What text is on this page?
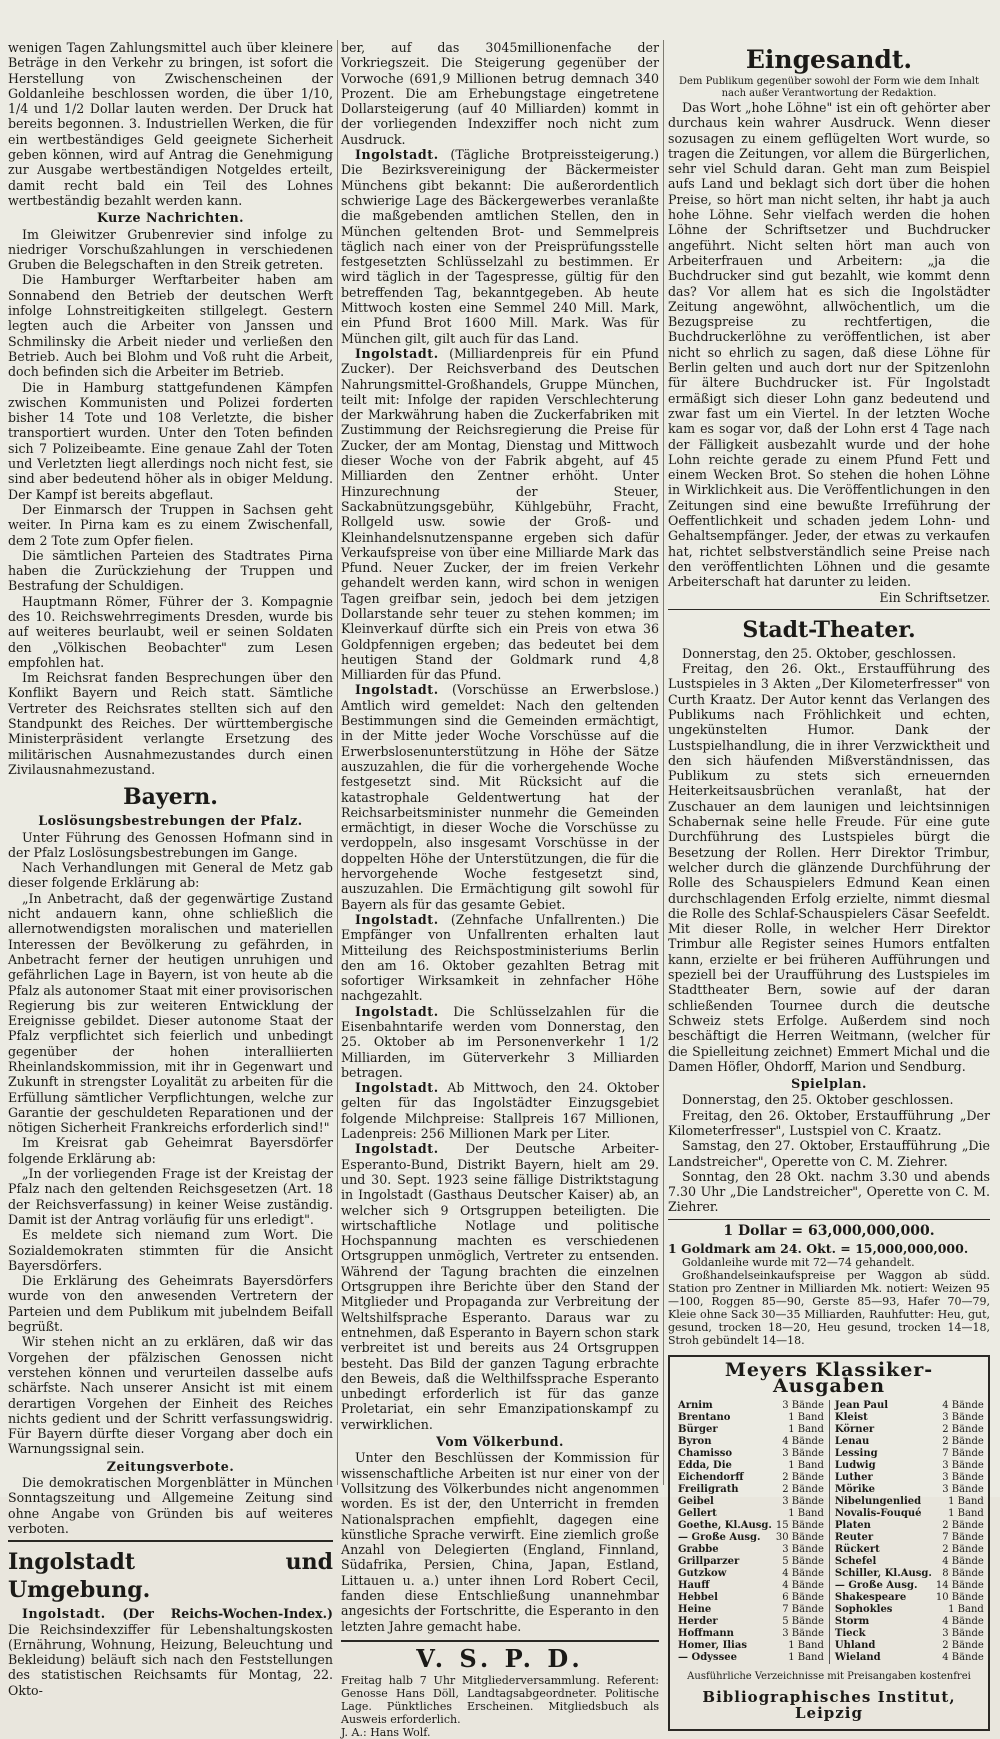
wenigen Tagen Zahlungsmittel auch über kleinere Beträge in den Verkehr zu bringen, ist sofort die Herstellung von Zwischenscheinen der Goldanleihe beschlossen worden, die über 1/10, 1/4 und 1/2 Dollar lauten werden. Der Druck hat bereits begonnen. 3. Industriellen Werken, die für ein wertbeständiges Geld geeignete Sicherheit geben können, wird auf Antrag die Genehmigung zur Ausgabe wertbeständigen Notgeldes erteilt, damit recht bald ein Teil des Lohnes wertbeständig bezahlt werden kann.

Kurze Nachrichten.

Im Gleiwitzer Grubenrevier sind infolge zu niedriger Vorschußzahlungen in verschiedenen Gruben die Belegschaften in den Streik getreten.

Die Hamburger Werftarbeiter haben am Sonnabend den Betrieb der deutschen Werft infolge Lohnstreitigkeiten stillgelegt. Gestern legten auch die Arbeiter von Janssen und Schmilinsky die Arbeit nieder und verließen den Betrieb. Auch bei Blohm und Voß ruht die Arbeit, doch befinden sich die Arbeiter im Betrieb.

Die in Hamburg stattgefundenen Kämpfen zwischen Kommunisten und Polizei forderten bisher 14 Tote und 108 Verletzte, die bisher transportiert wurden. Unter den Toten befinden sich 7 Polizeibeamte. Eine genaue Zahl der Toten und Verletzten liegt allerdings noch nicht fest, sie sind aber bedeutend höher als in obiger Meldung. Der Kampf ist bereits abgeflaut.

Der Einmarsch der Truppen in Sachsen geht weiter. In Pirna kam es zu einem Zwischenfall, dem 2 Tote zum Opfer fielen.

Die sämtlichen Parteien des Stadtrates Pirna haben die Zurückziehung der Truppen und Bestrafung der Schuldigen.

Hauptmann Römer, Führer der 3. Kompagnie des 10. Reichswehrregiments Dresden, wurde bis auf weiteres beurlaubt, weil er seinen Soldaten den „Völkischen Beobachter" zum Lesen empfohlen hat.

Im Reichsrat fanden Besprechungen über den Konflikt Bayern und Reich statt. Sämtliche Vertreter des Reichsrates stellten sich auf den Standpunkt des Reiches. Der württembergische Ministerpräsident verlangte Ersetzung des militärischen Ausnahmezustandes durch einen Zivilausnahmezustand.

Bayern.
Loslösungsbestrebungen der Pfalz.

Unter Führung des Genossen Hofmann sind in der Pfalz Loslösungsbestrebungen im Gange.

Nach Verhandlungen mit General de Metz gab dieser folgende Erklärung ab:

„In Anbetracht, daß der gegenwärtige Zustand nicht andauern kann, ohne schließlich die allernotwendigsten moralischen und materiellen Interessen der Bevölkerung zu gefährden, in Anbetracht ferner der heutigen unruhigen und gefährlichen Lage in Bayern, ist von heute ab die Pfalz als autonomer Staat mit einer provisorischen Regierung bis zur weiteren Entwicklung der Ereignisse gebildet. Dieser autonome Staat der Pfalz verpflichtet sich feierlich und unbedingt gegenüber der hohen interalliierten Rheinlandskommission, mit ihr in Gegenwart und Zukunft in strengster Loyalität zu arbeiten für die Erfüllung sämtlicher Verpflichtungen, welche zur Garantie der geschuldeten Reparationen und der nötigen Sicherheit Frankreichs erforderlich sind!"

Im Kreisrat gab Geheimrat Bayersdörfer folgende Erklärung ab:

„In der vorliegenden Frage ist der Kreistag der Pfalz nach den geltenden Reichsgesetzen (Art. 18 der Reichsverfassung) in keiner Weise zuständig. Damit ist der Antrag vorläufig für uns erledigt".

Es meldete sich niemand zum Wort. Die Sozialdemokraten stimmten für die Ansicht Bayersdörfers.

Die Erklärung des Geheimrats Bayersdörfers wurde von den anwesenden Vertretern der Parteien und dem Publikum mit jubelndem Beifall begrüßt.

Wir stehen nicht an zu erklären, daß wir das Vorgehen der pfälzischen Genossen nicht verstehen können und verurteilen dasselbe aufs schärfste. Nach unserer Ansicht ist mit einem derartigen Vorgehen der Einheit des Reiches nichts gedient und der Schritt verfassungswidrig. Für Bayern dürfte dieser Vorgang aber doch ein Warnungssignal sein.

Zeitungsverbote.

Die demokratischen Morgenblätter in München Sonntagszeitung und Allgemeine Zeitung sind ohne Angabe von Gründen bis auf weiteres verboten.

Ingolstadt und Umgebung.

Ingolstadt. (Der Reichs-Wochen-Index.) Die Reichsindexziffer für Lebenshaltungskosten (Ernährung, Wohnung, Heizung, Beleuchtung und Bekleidung) beläuft sich nach den Feststellungen des statistischen Reichsamts für Montag, 22. Okto-

ber, auf das 3045millionenfache der Vorkriegszeit. Die Steigerung gegenüber der Vorwoche (691,9 Millionen betrug demnach 340 Prozent. Die am Erhebungstage eingetretene Dollarsteigerung (auf 40 Milliarden) kommt in der vorliegenden Indexziffer noch nicht zum Ausdruck.

Ingolstadt. (Tägliche Brotpreissteigerung.) Die Bezirksvereinigung der Bäckermeister Münchens gibt bekannt: Die außerordentlich schwierige Lage des Bäckergewerbes veranlaßte die maßgebenden amtlichen Stellen, den in München geltenden Brot- und Semmelpreis täglich nach einer von der Preisprüfungsstelle festgesetzten Schlüsselzahl zu bestimmen. Er wird täglich in der Tagespresse, gültig für den betreffenden Tag, bekanntgegeben. Ab heute Mittwoch kosten eine Semmel 240 Mill. Mark, ein Pfund Brot 1600 Mill. Mark. Was für München gilt, gilt auch für das Land.

Ingolstadt. (Milliardenpreis für ein Pfund Zucker). Der Reichsverband des Deutschen Nahrungsmittel-Großhandels, Gruppe München, teilt mit: Infolge der rapiden Verschlechterung der Markwährung haben die Zuckerfabriken mit Zustimmung der Reichsregierung die Preise für Zucker, der am Montag, Dienstag und Mittwoch dieser Woche von der Fabrik abgeht, auf 45 Milliarden den Zentner erhöht. Unter Hinzurechnung der Steuer, Sackabnützungsgebühr, Kühlgebühr, Fracht, Rollgeld usw. sowie der Groß- und Kleinhandelsnutzenspanne ergeben sich dafür Verkaufspreise von über eine Milliarde Mark das Pfund. Neuer Zucker, der im freien Verkehr gehandelt werden kann, wird schon in wenigen Tagen greifbar sein, jedoch bei dem jetzigen Dollarstande sehr teuer zu stehen kommen; im Kleinverkauf dürfte sich ein Preis von etwa 36 Goldpfennigen ergeben; das bedeutet bei dem heutigen Stand der Goldmark rund 4,8 Milliarden für das Pfund.

Ingolstadt. (Vorschüsse an Erwerbslose.) Amtlich wird gemeldet: Nach den geltenden Bestimmungen sind die Gemeinden ermächtigt, in der Mitte jeder Woche Vorschüsse auf die Erwerbslosenunterstützung in Höhe der Sätze auszuzahlen, die für die vorhergehende Woche festgesetzt sind. Mit Rücksicht auf die katastrophale Geldentwertung hat der Reichsarbeitsminister nunmehr die Gemeinden ermächtigt, in dieser Woche die Vorschüsse zu verdoppeln, also insgesamt Vorschüsse in der doppelten Höhe der Unterstützungen, die für die hervorgehende Woche festgesetzt sind, auszuzahlen. Die Ermächtigung gilt sowohl für Bayern als für das gesamte Gebiet.

Ingolstadt. (Zehnfache Unfallrenten.) Die Empfänger von Unfallrenten erhalten laut Mitteilung des Reichspostministeriums Berlin den am 16. Oktober gezahlten Betrag mit sofortiger Wirksamkeit in zehnfacher Höhe nachgezahlt.

Ingolstadt. Die Schlüsselzahlen für die Eisenbahntarife werden vom Donnerstag, den 25. Oktober ab im Personenverkehr 1 1/2 Milliarden, im Güterverkehr 3 Milliarden betragen.

Ingolstadt. Ab Mittwoch, den 24. Oktober gelten für das Ingolstädter Einzugsgebiet folgende Milchpreise: Stallpreis 167 Millionen, Ladenpreis: 256 Millionen Mark per Liter.

Ingolstadt. Der Deutsche Arbeiter-Esperanto-Bund, Distrikt Bayern, hielt am 29. und 30. Sept. 1923 seine fällige Distriktstagung in Ingolstadt (Gasthaus Deutscher Kaiser) ab, an welcher sich 9 Ortsgruppen beteiligten. Die wirtschaftliche Notlage und politische Hochspannung machten es verschiedenen Ortsgruppen unmöglich, Vertreter zu entsenden. Während der Tagung brachten die einzelnen Ortsgruppen ihre Berichte über den Stand der Mitglieder und Propaganda zur Verbreitung der Weltshilfsprache Esperanto. Daraus war zu entnehmen, daß Esperanto in Bayern schon stark verbreitet ist und bereits aus 24 Ortsgruppen besteht. Das Bild der ganzen Tagung erbrachte den Beweis, daß die Welthilfssprache Esperanto unbedingt erforderlich ist für das ganze Proletariat, ein sehr Emanzipationskampf zu verwirklichen.

Vom Völkerbund.

Unter den Beschlüssen der Kommission für wissenschaftliche Arbeiten ist nur einer von der Vollsitzung des Völkerbundes nicht angenommen worden. Es ist der, den Unterricht in fremden Nationalsprachen empfiehlt, dagegen eine künstliche Sprache verwirft. Eine ziemlich große Anzahl von Delegierten (England, Finnland, Südafrika, Persien, China, Japan, Estland, Littauen u. a.) unter ihnen Lord Robert Cecil, fanden diese Entschließung unannehmbar angesichts der Fortschritte, die Esperanto in den letzten Jahre gemacht habe.

V. S. P. D.
Freitag halb 7 Uhr Mitgliederversammlung. Referent: Genosse Hans Döll, Landtagsabgeordneter. Politische Lage. Pünktliches Erscheinen. Mitgliedsbuch als Ausweis erforderlich.
J. A.: Hans Wolf.
Eingesandt.
Dem Publikum gegenüber sowohl der Form wie dem Inhalt nach außer Verantwortung der Redaktion.

Das Wort „hohe Löhne" ist ein oft gehörter aber durchaus kein wahrer Ausdruck. Wenn dieser sozusagen zu einem geflügelten Wort wurde, so tragen die Zeitungen, vor allem die Bürgerlichen, sehr viel Schuld daran. Geht man zum Beispiel aufs Land und beklagt sich dort über die hohen Preise, so hört man nicht selten, ihr habt ja auch hohe Löhne. Sehr vielfach werden die hohen Löhne der Schriftsetzer und Buchdrucker angeführt. Nicht selten hört man auch von Arbeiterfrauen und Arbeitern: „ja die Buchdrucker sind gut bezahlt, wie kommt denn das? Vor allem hat es sich die Ingolstädter Zeitung angewöhnt, allwöchentlich, um die Bezugspreise zu rechtfertigen, die Buchdruckerlöhne zu veröffentlichen, ist aber nicht so ehrlich zu sagen, daß diese Löhne für Berlin gelten und auch dort nur der Spitzenlohn für ältere Buchdrucker ist. Für Ingolstadt ermäßigt sich dieser Lohn ganz bedeutend und zwar fast um ein Viertel. In der letzten Woche kam es sogar vor, daß der Lohn erst 4 Tage nach der Fälligkeit ausbezahlt wurde und der hohe Lohn reichte gerade zu einem Pfund Fett und einem Wecken Brot. So stehen die hohen Löhne in Wirklichkeit aus. Die Veröffentlichungen in den Zeitungen sind eine bewußte Irreführung der Oeffentlichkeit und schaden jedem Lohn- und Gehaltsempfänger. Jeder, der etwas zu verkaufen hat, richtet selbstverständlich seine Preise nach den veröffentlichten Löhnen und die gesamte Arbeiterschaft hat darunter zu leiden.

Ein Schriftsetzer.
Stadt-Theater.

Donnerstag, den 25. Oktober, geschlossen.

Freitag, den 26. Okt., Erstaufführung des Lustspieles in 3 Akten „Der Kilometerfresser" von Curth Kraatz. Der Autor kennt das Verlangen des Publikums nach Fröhlichkeit und echten, ungekünstelten Humor. Dank der Lustspielhandlung, die in ihrer Verzwicktheit und den sich häufenden Mißverständnissen, das Publikum zu stets sich erneuernden Heiterkeitsausbrüchen veranlaßt, hat der Zuschauer an dem launigen und leichtsinnigen Schabernak seine helle Freude. Für eine gute Durchführung des Lustspieles bürgt die Besetzung der Rollen. Herr Direktor Trimbur, welcher durch die glänzende Durchführung der Rolle des Schauspielers Edmund Kean einen durchschlagenden Erfolg erzielte, nimmt diesmal die Rolle des Schlaf-Schauspielers Cäsar Seefeldt. Mit dieser Rolle, in welcher Herr Direktor Trimbur alle Register seines Humors entfalten kann, erzielte er bei früheren Aufführungen und speziell bei der Uraufführung des Lustspieles im Stadttheater Bern, sowie auf der daran schließenden Tournee durch die deutsche Schweiz stets Erfolge. Außerdem sind noch beschäftigt die Herren Weitmann, (welcher für die Spielleitung zeichnet) Emmert Michal und die Damen Höfler, Ohdorff, Marion und Sendburg.

Spielplan.

Donnerstag, den 25. Oktober geschlossen.

Freitag, den 26. Oktober, Erstaufführung „Der Kilometerfresser", Lustspiel von C. Kraatz.

Samstag, den 27. Oktober, Erstaufführung „Die Landstreicher", Operette von C. M. Ziehrer.

Sonntag, den 28 Okt. nachm 3.30 und abends 7.30 Uhr „Die Landstreicher", Operette von C. M. Ziehrer.

1 Dollar = 63,000,000,000.
1 Goldmark am 24. Okt. = 15,000,000,000.
Goldanleihe wurde mit 72—74 gehandelt.
Großhandelseinkaufspreise per Waggon ab südd. Station pro Zentner in Milliarden Mk. notiert: Weizen 95—100, Roggen 85—90, Gerste 85—93, Hafer 70—79, Kleie ohne Sack 30—35 Milliarden, Rauhfutter: Heu, gut, gesund, trocken 18—20, Heu gesund, trocken 14—18, Stroh gebündelt 14—18.
Meyers Klassiker-Ausgaben
Arnim	3 Bände	Jean Paul	4 Bände
Brentano	1 Band	Kleist	3 Bände
Bürger	1 Band	Körner	2 Bände
Byron	4 Bände	Lenau	2 Bände
Chamisso	3 Bände	Lessing	7 Bände
Edda, Die	1 Band	Ludwig	3 Bände
Eichendorff	2 Bände	Luther	3 Bände
Freiligrath	2 Bände	Mörike	3 Bände
Geibel	3 Bände	Nibelungenlied	1 Band
Gellert	1 Band	Novalis-Fouqué	1 Band
Goethe, Kl.Ausg.	15 Bände	Platen	2 Bände
— Große Ausg.	30 Bände	Reuter	7 Bände
Grabbe	3 Bände	Rückert	2 Bände
Grillparzer	5 Bände	Schefel	4 Bände
Gutzkow	4 Bände	Schiller, Kl.Ausg.	8 Bände
Hauff	4 Bände	— Große Ausg.	14 Bände
Hebbel	6 Bände	Shakespeare	10 Bände
Heine	7 Bände	Sophokles	1 Band
Herder	5 Bände	Storm	4 Bände
Hoffmann	3 Bände	Tieck	3 Bände
Homer, Ilias	1 Band	Uhland	2 Bände
— Odyssee	1 Band	Wieland	4 Bände
Ausführliche Verzeichnisse mit Preisangaben kostenfrei
Bibliographisches Institut, Leipzig
